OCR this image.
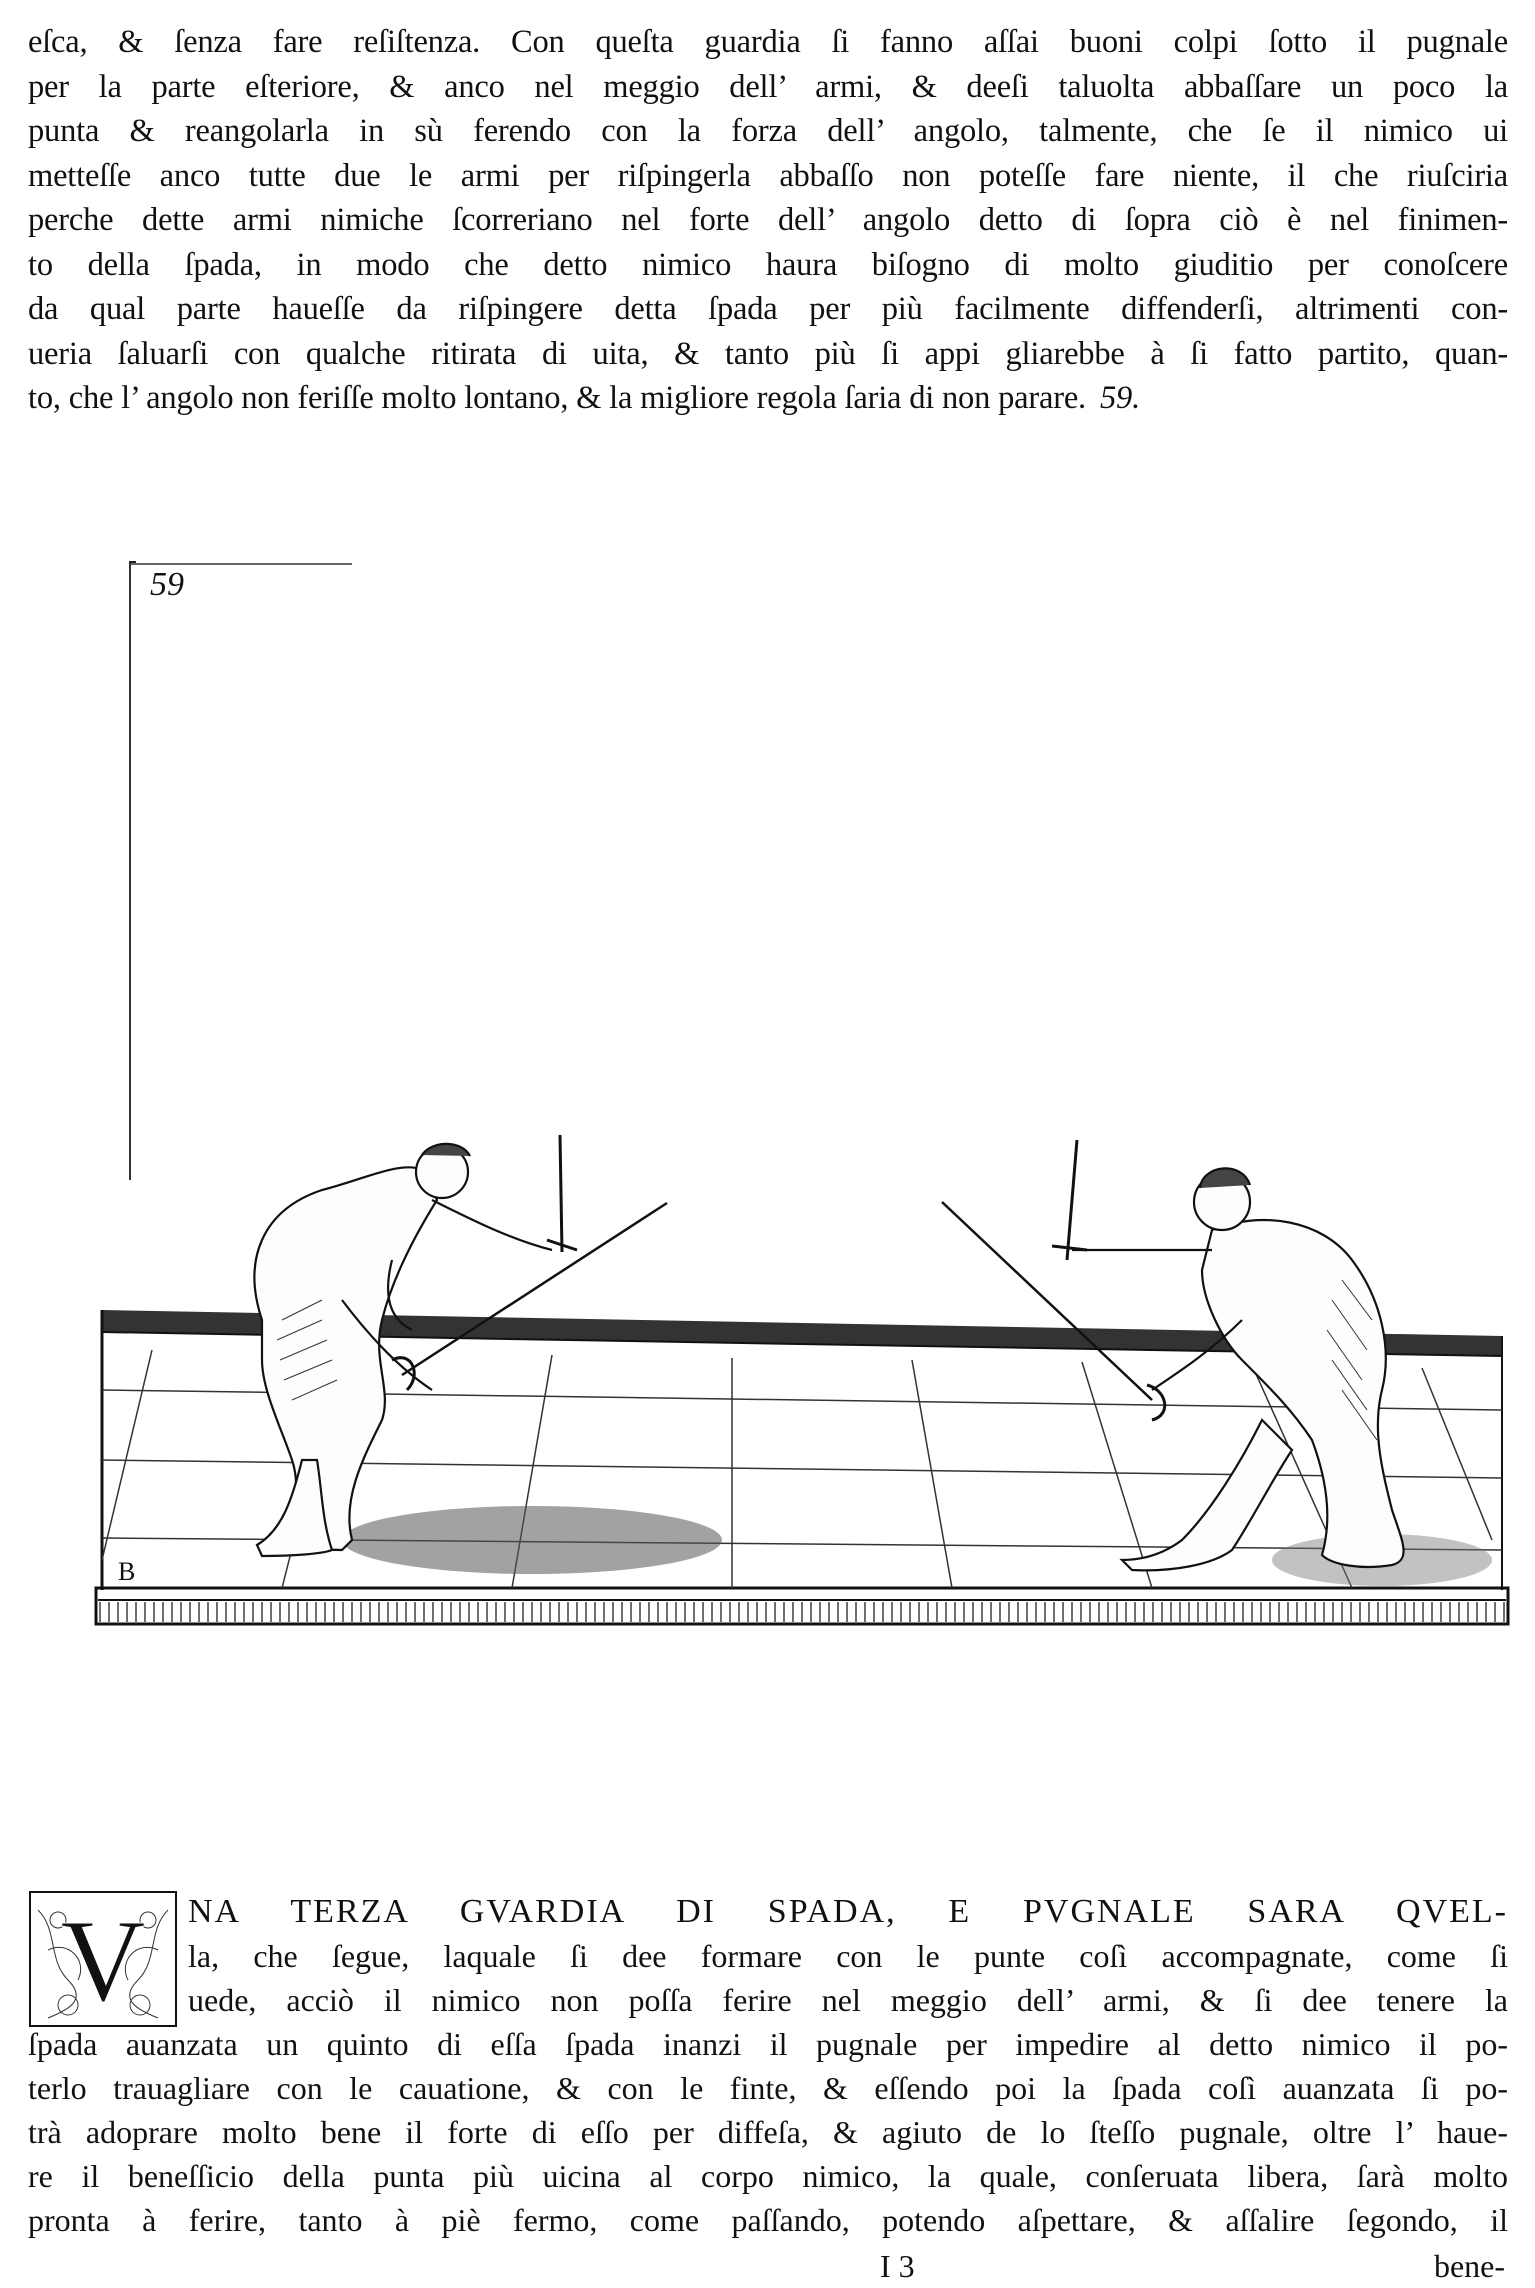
eſca, & ſenza fare reſiſtenza. Con queſta guardia ſi fanno aſſai buoni colpi ſotto il pugnale
per la parte eſteriore, & anco nel meggio dell’ armi, & deeſi taluolta abbaſſare un poco la
punta & reangolarla in sù ferendo con la forza dell’ angolo, talmente, che ſe il nimico ui
metteſſe anco tutte due le armi per riſpingerla abbaſſo non poteſſe fare niente, il che riuſciria
perche dette armi nimiche ſcorreriano nel forte dell’ angolo detto di ſopra ciò è nel finimen-
to della ſpada, in modo che detto nimico haura biſogno di molto giuditio per conoſcere
da qual parte haueſſe da riſpingere detta ſpada per più facilmente diffenderſi, altrimenti con-
ueria ſaluarſi con qualche ritirata di uita, & tanto più ſi appi gliarebbe à ſi fatto partito, quan-
to, che l’ angolo non feriſſe molto lontano, & la migliore regola ſaria di non parare. 59.
59
B
V	NA TERZA GVARDIA DI SPADA, E PVGNALE SARA QVEL-
la, che ſegue, laquale ſi dee formare con le punte coſì accompagnate, come ſi
uede, acciò il nimico non poſſa ferire nel meggio dell’ armi, & ſi dee tenere la
ſpada auanzata un quinto di eſſa ſpada inanzi il pugnale per impedire al detto nimico il po-
terlo trauagliare con le cauatione, & con le finte, & eſſendo poi la ſpada coſì auanzata ſi po-
trà adoprare molto bene il forte di eſſo per diffeſa, & agiuto de lo ſteſſo pugnale, oltre l’ haue-
re il beneſſicio della punta più uicina al corpo nimico, la quale, conſeruata libera, ſarà molto
pronta à ferire, tanto à piè fermo, come paſſando, potendo aſpettare, & aſſalire ſegondo, il
I 3	bene-
